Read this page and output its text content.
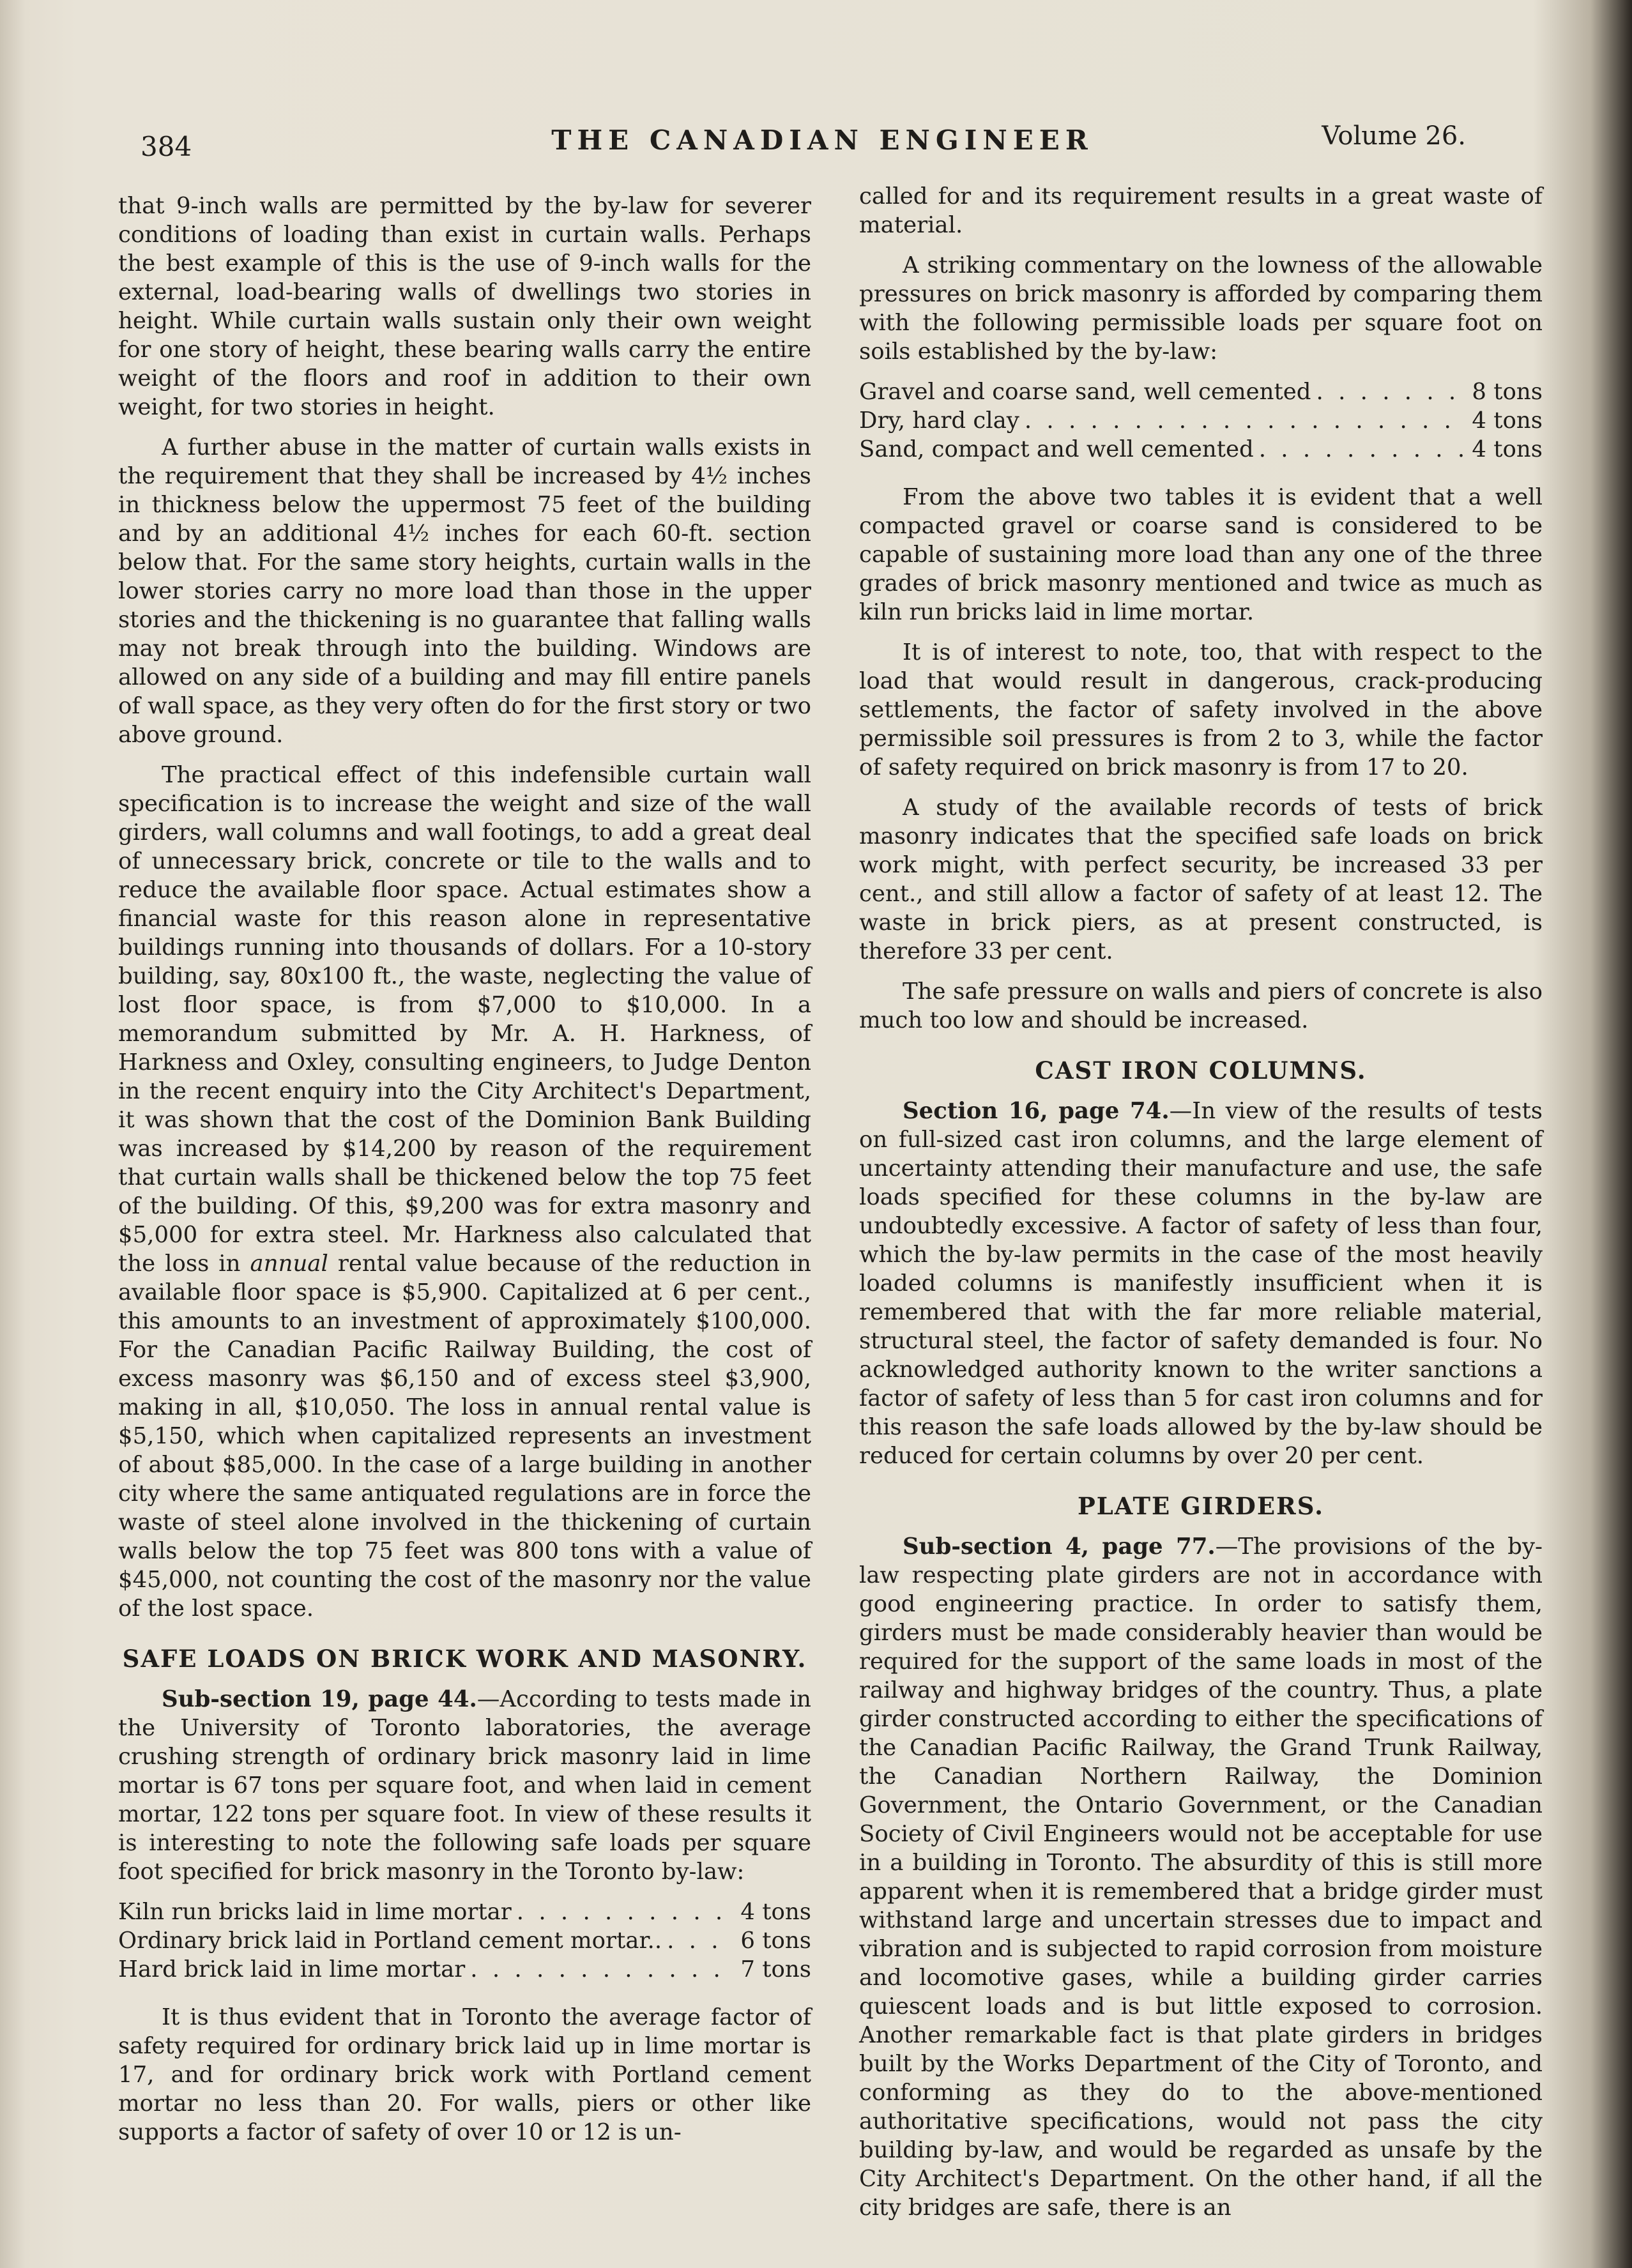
384	THE CANADIAN ENGINEER	Volume 26.

that 9-inch walls are permitted by the by-law for severer conditions of loading than exist in curtain walls. Perhaps the best example of this is the use of 9-inch walls for the external, load-bearing walls of dwellings two stories in height. While curtain walls sustain only their own weight for one story of height, these bearing walls carry the entire weight of the floors and roof in addition to their own weight, for two stories in height.

A further abuse in the matter of curtain walls exists in the requirement that they shall be increased by 4½ inches in thickness below the uppermost 75 feet of the building and by an additional 4½ inches for each 60-ft. section below that. For the same story heights, curtain walls in the lower stories carry no more load than those in the upper stories and the thickening is no guarantee that falling walls may not break through into the building. Windows are allowed on any side of a building and may fill entire panels of wall space, as they very often do for the first story or two above ground.

The practical effect of this indefensible curtain wall specification is to increase the weight and size of the wall girders, wall columns and wall footings, to add a great deal of unnecessary brick, concrete or tile to the walls and to reduce the available floor space. Actual estimates show a financial waste for this reason alone in representative buildings running into thousands of dollars. For a 10-story building, say, 80x100 ft., the waste, neglecting the value of lost floor space, is from $7,000 to $10,000. In a memorandum submitted by Mr. A. H. Harkness, of Harkness and Oxley, consulting engineers, to Judge Denton in the recent enquiry into the City Architect's Department, it was shown that the cost of the Dominion Bank Building was increased by $14,200 by reason of the requirement that curtain walls shall be thickened below the top 75 feet of the building. Of this, $9,200 was for extra masonry and $5,000 for extra steel. Mr. Harkness also calculated that the loss in annual rental value because of the reduction in available floor space is $5,900. Capitalized at 6 per cent., this amounts to an investment of approximately $100,000. For the Canadian Pacific Railway Building, the cost of excess masonry was $6,150 and of excess steel $3,900, making in all, $10,050. The loss in annual rental value is $5,150, which when capitalized represents an investment of about $85,000. In the case of a large building in another city where the same antiquated regulations are in force the waste of steel alone involved in the thickening of curtain walls below the top 75 feet was 800 tons with a value of $45,000, not counting the cost of the masonry nor the value of the lost space.

SAFE LOADS ON BRICK WORK AND MASONRY.

Sub-section 19, page 44.—According to tests made in the University of Toronto laboratories, the average crushing strength of ordinary brick masonry laid in lime mortar is 67 tons per square foot, and when laid in cement mortar, 122 tons per square foot. In view of these results it is interesting to note the following safe loads per square foot specified for brick masonry in the Toronto by-law:

Kiln run bricks laid in lime mortar . . .	4 tons
Ordinary brick laid in Portland cement mortar.. . . .	6 tons
Hard brick laid in lime mortar . . .	7 tons

It is thus evident that in Toronto the average factor of safety required for ordinary brick laid up in lime mortar is 17, and for ordinary brick work with Portland cement mortar no less than 20. For walls, piers or other like supports a factor of safety of over 10 or 12 is un-

called for and its requirement results in a great waste of material.

A striking commentary on the lowness of the allowable pressures on brick masonry is afforded by comparing them with the following permissible loads per square foot on soils established by the by-law:

Gravel and coarse sand, well cemented . . .	8 tons
Dry, hard clay . . .	4 tons
Sand, compact and well cemented . . .	4 tons

From the above two tables it is evident that a well compacted gravel or coarse sand is considered to be capable of sustaining more load than any one of the three grades of brick masonry mentioned and twice as much as kiln run bricks laid in lime mortar.

It is of interest to note, too, that with respect to the load that would result in dangerous, crack-producing settlements, the factor of safety involved in the above permissible soil pressures is from 2 to 3, while the factor of safety required on brick masonry is from 17 to 20.

A study of the available records of tests of brick masonry indicates that the specified safe loads on brick work might, with perfect security, be increased 33 per cent., and still allow a factor of safety of at least 12. The waste in brick piers, as at present constructed, is therefore 33 per cent.

The safe pressure on walls and piers of concrete is also much too low and should be increased.

CAST IRON COLUMNS.

Section 16, page 74.—In view of the results of tests on full-sized cast iron columns, and the large element of uncertainty attending their manufacture and use, the safe loads specified for these columns in the by-law are undoubtedly excessive. A factor of safety of less than four, which the by-law permits in the case of the most heavily loaded columns is manifestly insufficient when it is remembered that with the far more reliable material, structural steel, the factor of safety demanded is four. No acknowledged authority known to the writer sanctions a factor of safety of less than 5 for cast iron columns and for this reason the safe loads allowed by the by-law should be reduced for certain columns by over 20 per cent.

PLATE GIRDERS.

Sub-section 4, page 77.—The provisions of the by-law respecting plate girders are not in accordance with good engineering practice. In order to satisfy them, girders must be made considerably heavier than would be required for the support of the same loads in most of the railway and highway bridges of the country. Thus, a plate girder constructed according to either the specifications of the Canadian Pacific Railway, the Grand Trunk Railway, the Canadian Northern Railway, the Dominion Government, the Ontario Government, or the Canadian Society of Civil Engineers would not be acceptable for use in a building in Toronto. The absurdity of this is still more apparent when it is remembered that a bridge girder must withstand large and uncertain stresses due to impact and vibration and is subjected to rapid corrosion from moisture and locomotive gases, while a building girder carries quiescent loads and is but little exposed to corrosion. Another remarkable fact is that plate girders in bridges built by the Works Department of the City of Toronto, and conforming as they do to the above-mentioned authoritative specifications, would not pass the city building by-law, and would be regarded as unsafe by the City Architect's Department. On the other hand, if all the city bridges are safe, there is an
